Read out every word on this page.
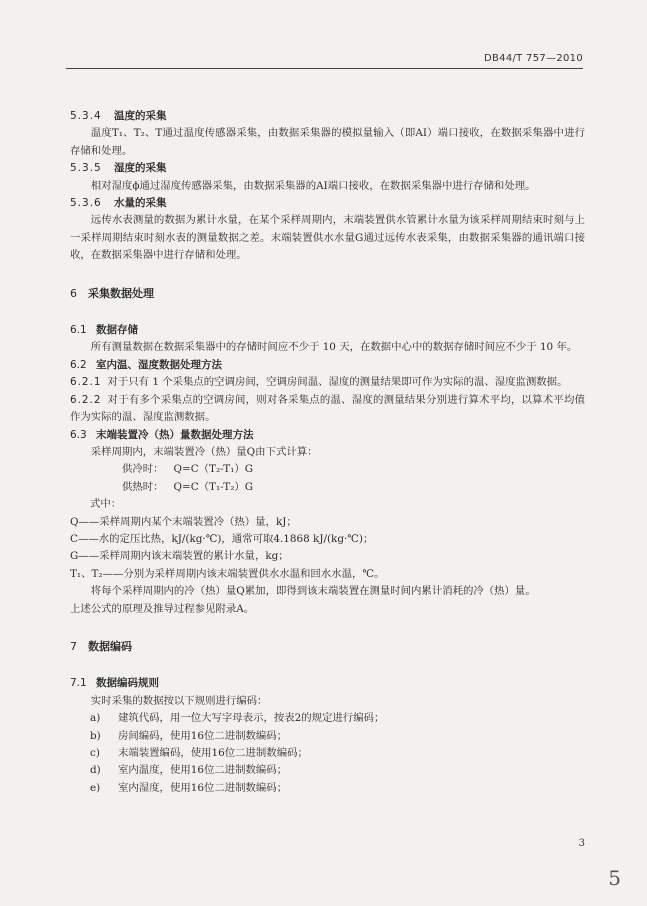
DB44/T 757—2010
5.3.4 温度的采集

温度T₁、T₂、T通过温度传感器采集，由数据采集器的模拟量输入（即AI）端口接收，在数据采集器中进行存储和处理。

5.3.5 湿度的采集

相对湿度ϕ通过湿度传感器采集，由数据采集器的AI端口接收，在数据采集器中进行存储和处理。

5.3.6 水量的采集

远传水表测量的数据为累计水量，在某个采样周期内，末端装置供水管累计水量为该采样周期结束时刻与上一采样周期结束时刻水表的测量数据之差。末端装置供水水量G通过远传水表采集，由数据采集器的通讯端口接收，在数据采集器中进行存储和处理。

6 采集数据处理
6.1 数据存储

所有测量数据在数据采集器中的存储时间应不少于 10 天，在数据中心中的数据存储时间应不少于 10 年。

6.2 室内温、湿度数据处理方法

6.2.1 对于只有 1 个采集点的空调房间，空调房间温、湿度的测量结果即可作为实际的温、湿度监测数据。

6.2.2 对于有多个采集点的空调房间，则对各采集点的温、湿度的测量结果分别进行算术平均，以算术平均值作为实际的温、湿度监测数据。

6.3 末端装置冷（热）量数据处理方法

采样周期内，末端装置冷（热）量Q由下式计算：

供冷时：   Q=C（T₂-T₁）G

供热时：   Q=C（T₁-T₂）G

式中：

Q——采样周期内某个末端装置冷（热）量，kJ；

C——水的定压比热，kJ/(kg·℃)，通常可取4.1868 kJ/(kg·℃)；

G——采样周期内该末端装置的累计水量，kg；

T₁、T₂——分别为采样周期内该末端装置供水水温和回水水温，℃。

将每个采样周期内的冷（热）量Q累加，即得到该末端装置在测量时间内累计消耗的冷（热）量。

上述公式的原理及推导过程参见附录A。

7 数据编码
7.1 数据编码规则

实时采集的数据按以下规则进行编码：

a) 建筑代码，用一位大写字母表示，按表2的规定进行编码；

b) 房间编码，使用16位二进制数编码；

c) 末端装置编码，使用16位二进制数编码；

d) 室内温度，使用16位二进制数编码；

e) 室内湿度，使用16位二进制数编码；

3
5
